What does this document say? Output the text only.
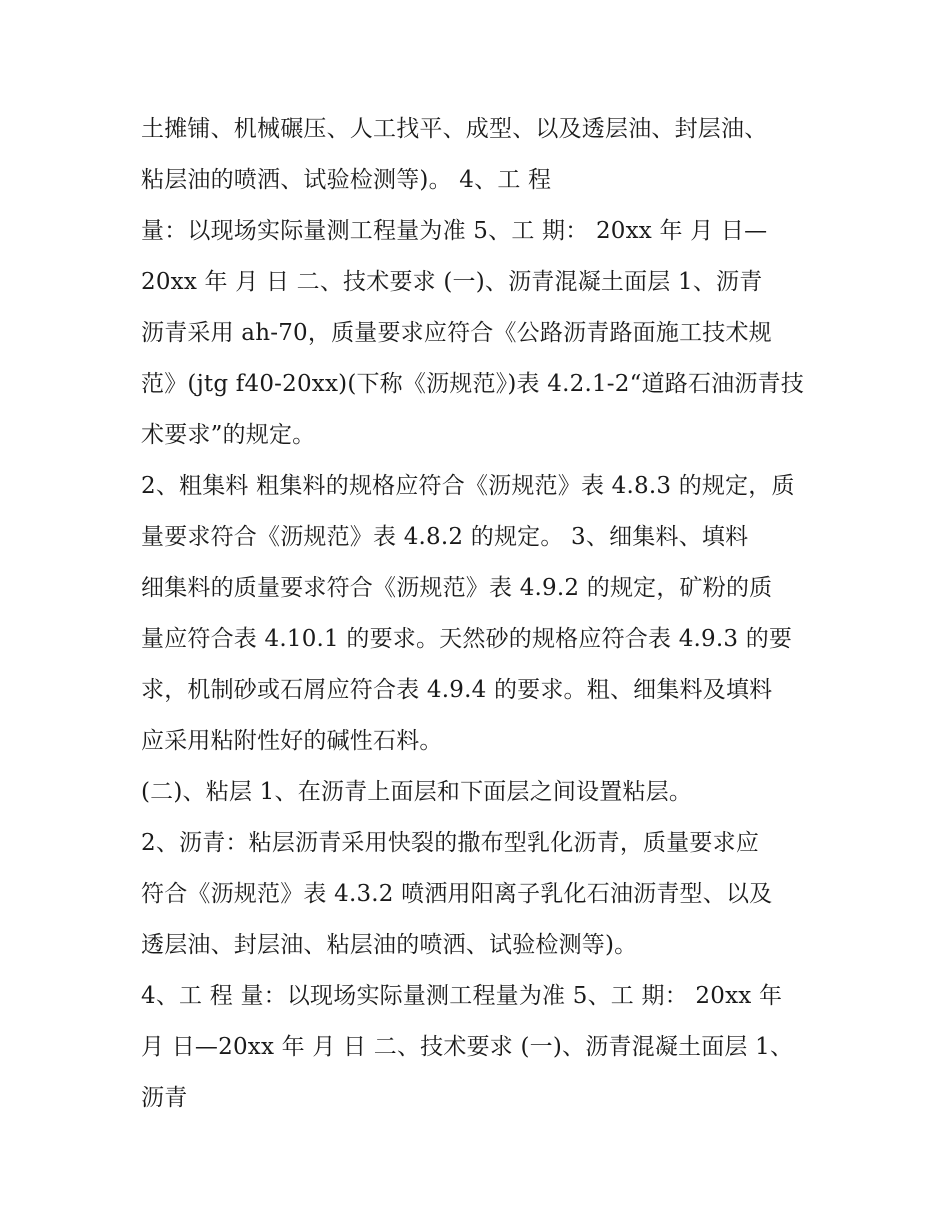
土摊铺、机械碾压、人工找平、成型、以及透层油、封层油、
粘层油的喷洒、试验检测等)。 4、工 程
量：以现场实际量测工程量为准 5、工 期： 20xx 年 月 日—
20xx 年 月 日 二、技术要求 (一)、沥青混凝土面层 1、沥青
沥青采用 ah-70，质量要求应符合《公路沥青路面施工技术规
范》(jtg f40-20xx)(下称《沥规范》)表 4.2.1-2“道路石油沥青技
术要求”的规定。
2、粗集料 粗集料的规格应符合《沥规范》表 4.8.3 的规定，质
量要求符合《沥规范》表 4.8.2 的规定。 3、细集料、填料
细集料的质量要求符合《沥规范》表 4.9.2 的规定，矿粉的质
量应符合表 4.10.1 的要求。天然砂的规格应符合表 4.9.3 的要
求，机制砂或石屑应符合表 4.9.4 的要求。粗、细集料及填料
应采用粘附性好的碱性石料。
(二)、粘层 1、在沥青上面层和下面层之间设置粘层。
2、沥青：粘层沥青采用快裂的撒布型乳化沥青，质量要求应
符合《沥规范》表 4.3.2 喷洒用阳离子乳化石油沥青型、以及
透层油、封层油、粘层油的喷洒、试验检测等)。
4、工 程 量：以现场实际量测工程量为准 5、工 期： 20xx 年
月 日—20xx 年 月 日 二、技术要求 (一)、沥青混凝土面层 1、
沥青
